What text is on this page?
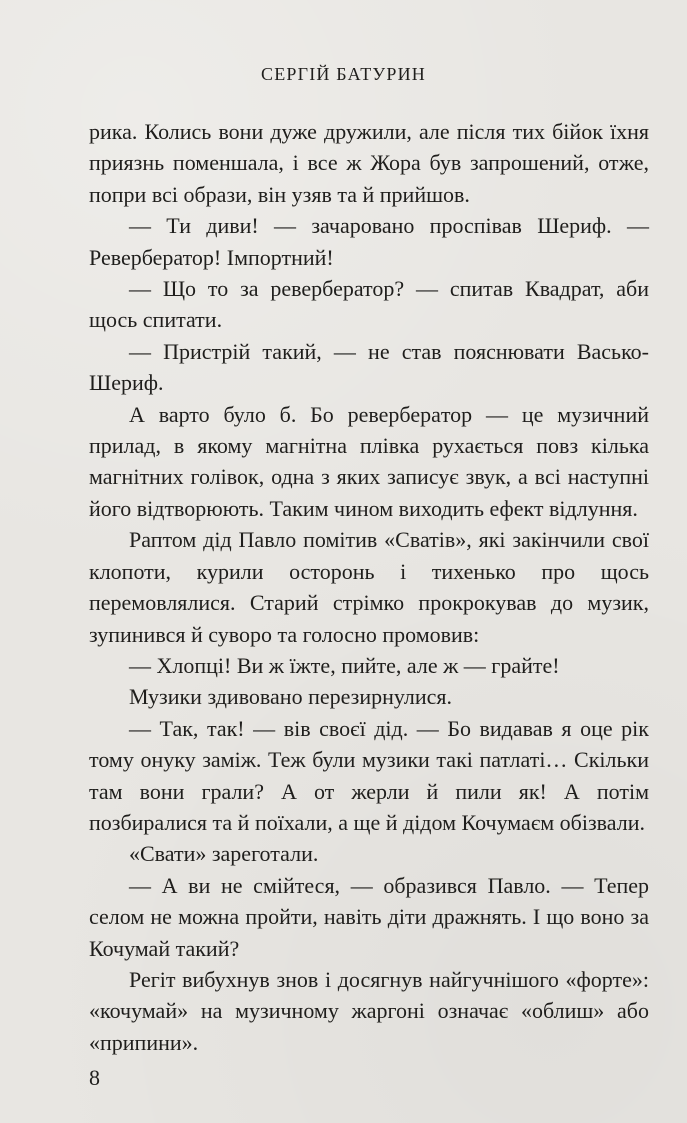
СЕРГІЙ БАТУРИН

рика. Колись вони дуже дружили, але після тих бійок їхня приязнь поменшала, і все ж Жора був запрошений, отже, попри всі образи, він узяв та й прийшов.

— Ти диви! — зачаровано проспівав Шериф. — Ревербератор! Імпортний!

— Що то за ревербератор? — спитав Квадрат, аби щось спитати.

— Пристрій такий, — не став пояснювати Васько-Шериф.

А варто було б. Бо реверберaтор — це музичний прилад, в якому магнітна плівка рухається повз кілька магнітних голівок, одна з яких записує звук, а всі наступні його відтворюють. Таким чином виходить ефект відлуння.

Раптом дід Павло помітив «Сватів», які закінчили свої клопоти, курили осторонь і тихенько про щось перемовлялися. Старий стрімко прокрокував до музик, зупинився й суворо та голосно промовив:

— Хлопці! Ви ж їжте, пийте, але ж — грайте!

Музики здивовано перезирнулися.

— Так, так! — вів своєї дід. — Бо видавав я оце рік тому онуку заміж. Теж були музики такі патлаті… Скільки там вони грали? А от жерли й пили як! А потім позбиралися та й поїхали, а ще й дідом Кочумаєм обізвали.

«Свати» зареготали.

— А ви не смійтеся, — образився Павло. — Тепер селом не можна пройти, навіть діти дражнять. І що воно за Кочумай такий?

Регіт вибухнув знов і досягнув найгучнішого «форте»: «кочумай» на музичному жаргоні означає «облиш» або «припини».

8
